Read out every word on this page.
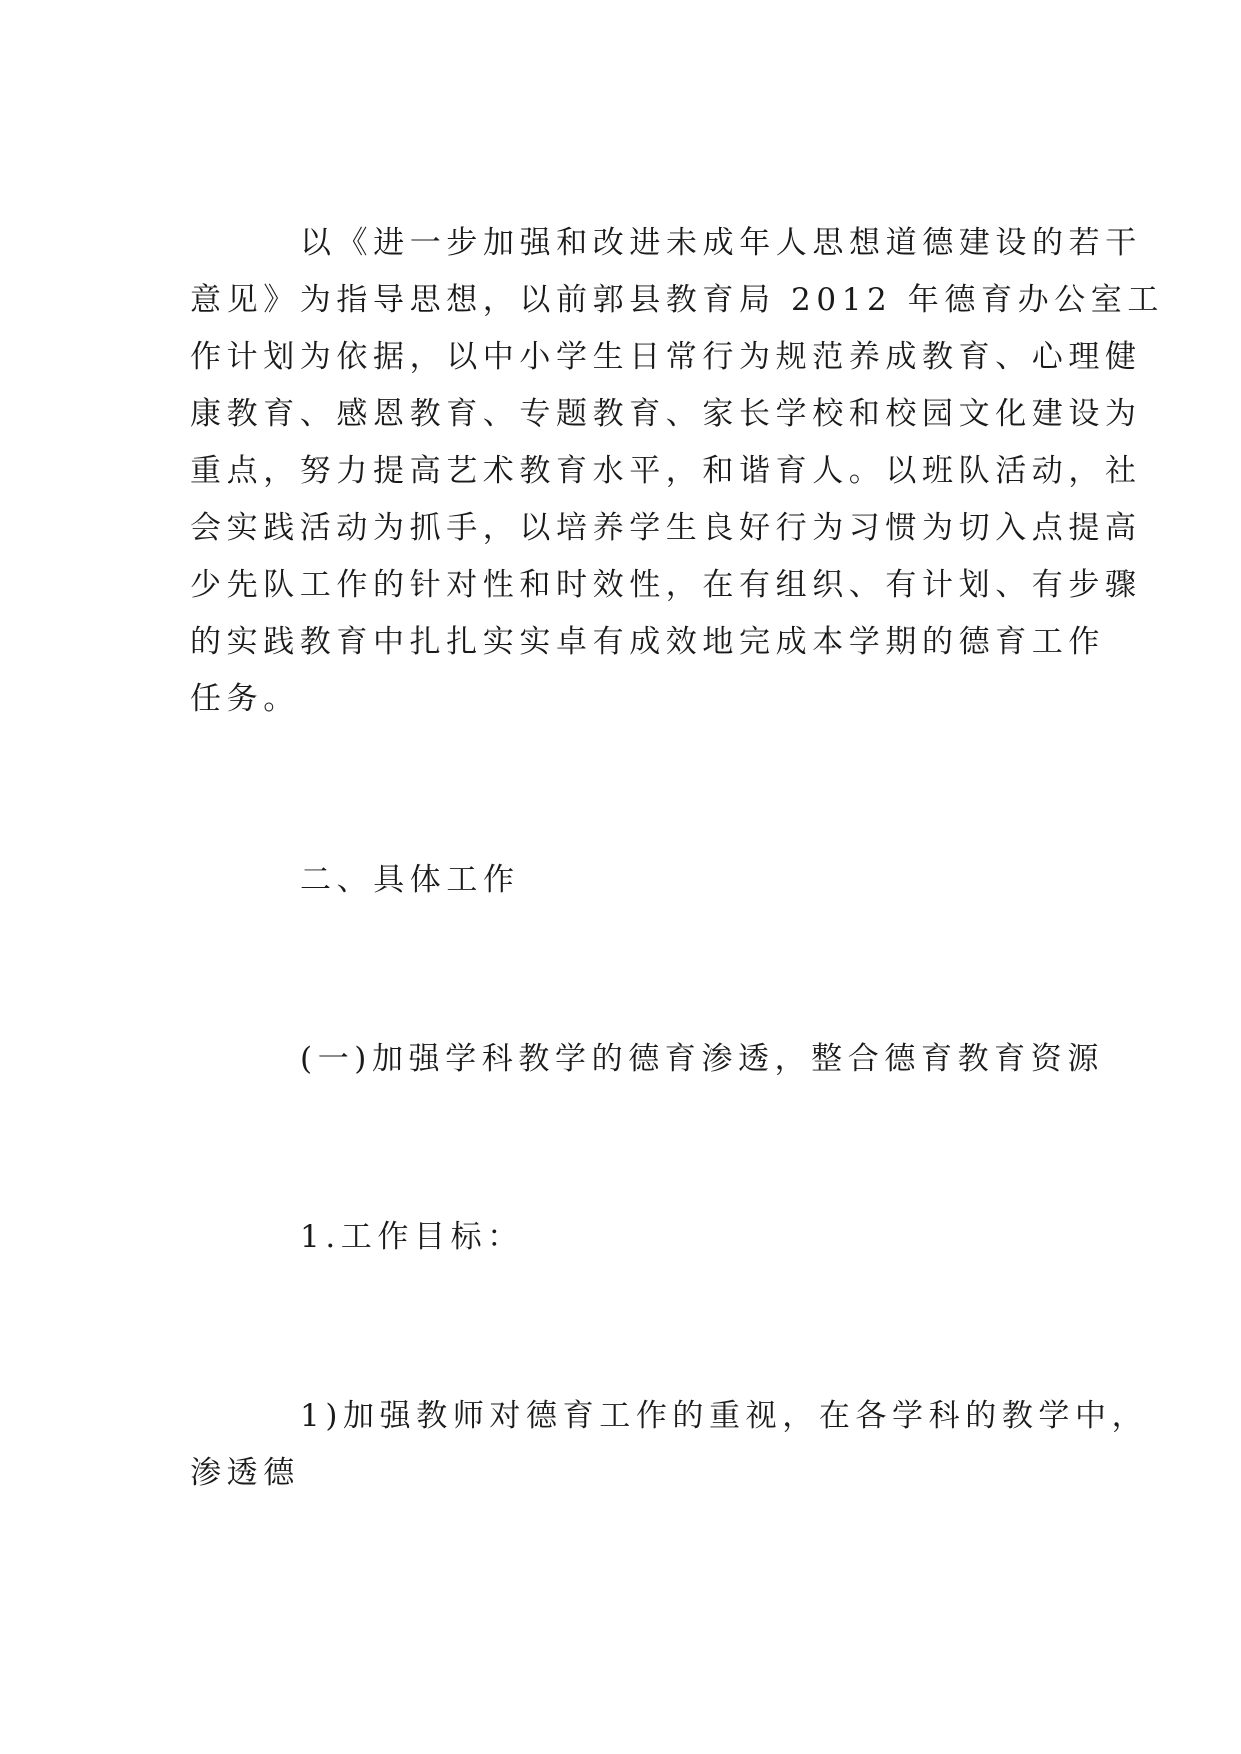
以《进一步加强和改进未成年人思想道德建设的若干

意见》为指导思想，以前郭县教育局 2012 年德育办公室工

作计划为依据，以中小学生日常行为规范养成教育、心理健

康教育、感恩教育、专题教育、家长学校和校园文化建设为

重点，努力提高艺术教育水平，和谐育人。以班队活动，社

会实践活动为抓手，以培养学生良好行为习惯为切入点提高

少先队工作的针对性和时效性，在有组织、有计划、有步骤

的实践教育中扎扎实实卓有成效地完成本学期的德育工作

任务。

二、具体工作

(一)加强学科教学的德育渗透，整合德育教育资源

1.工作目标：

1)加强教师对德育工作的重视，在各学科的教学中，

渗透德
